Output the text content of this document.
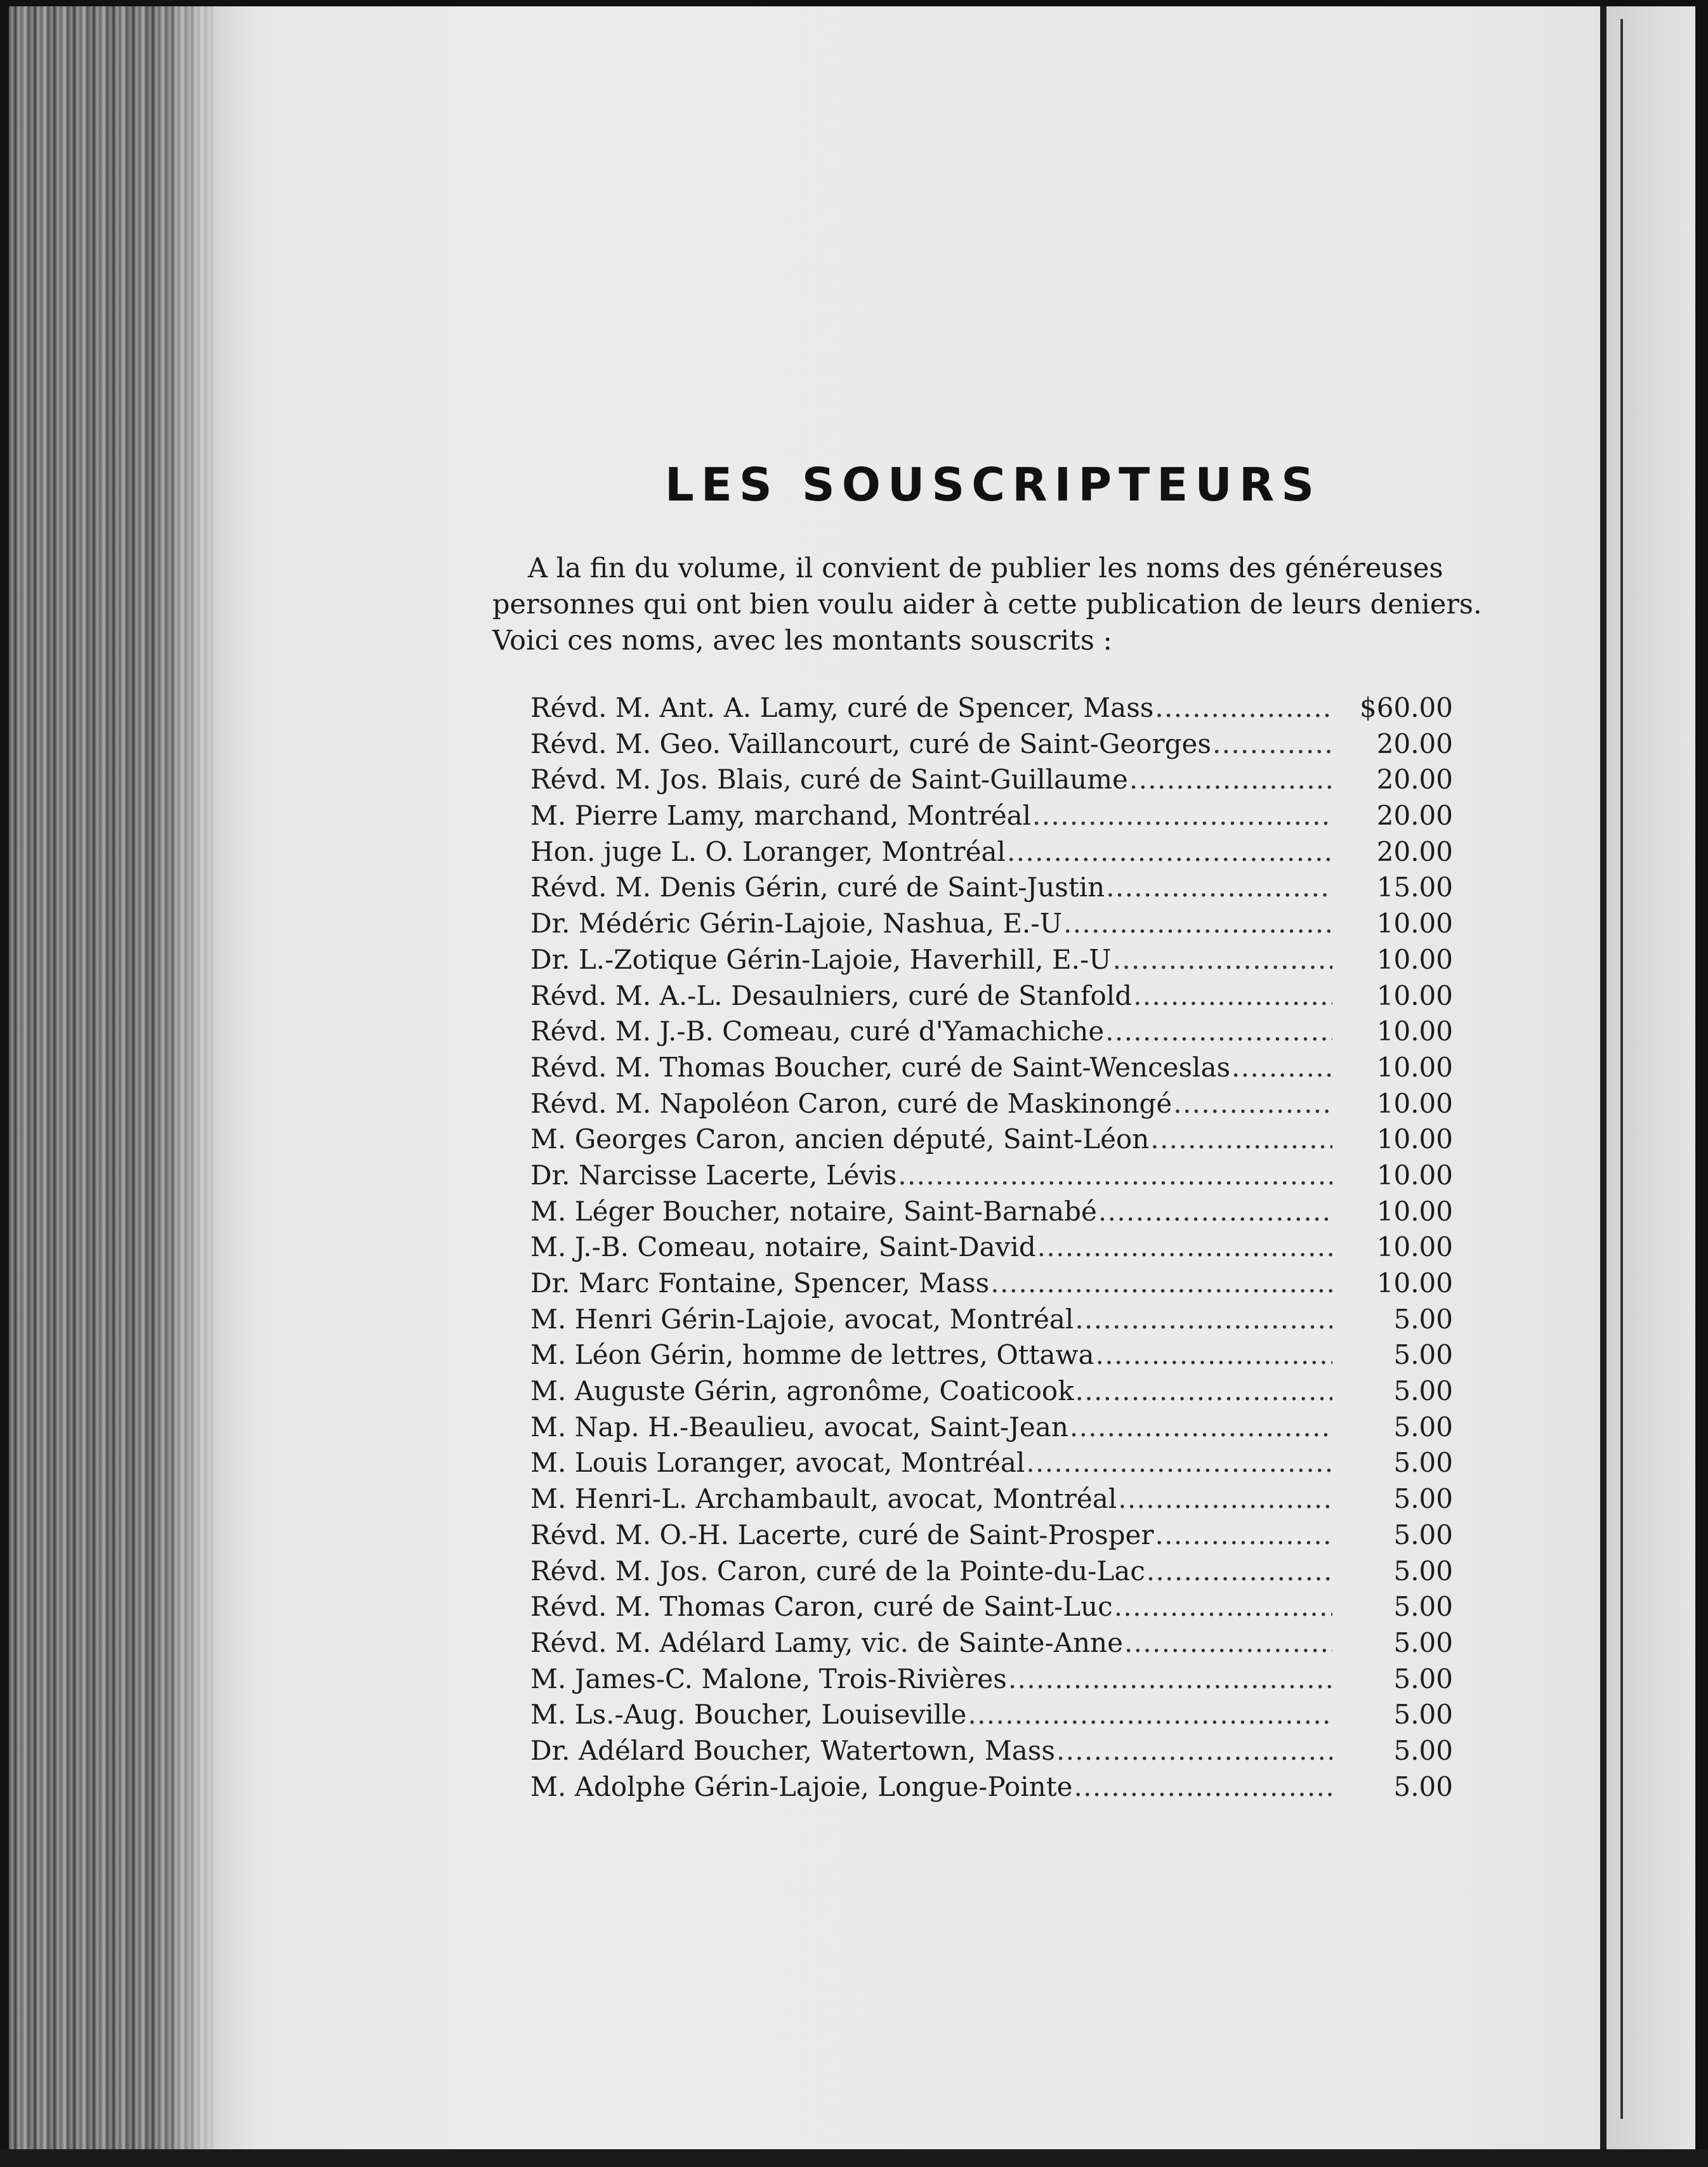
LES SOUSCRIPTEURS

A la fin du volume, il convient de publier les noms des généreuses
personnes qui ont bien voulu aider à cette publication de leurs deniers.
Voici ces noms, avec les montants souscrits :

Révd. M. Ant. A. Lamy, curé de Spencer, Mass . . .	$60.00
Révd. M. Geo. Vaillancourt, curé de Saint-Georges . . .	20.00
Révd. M. Jos. Blais, curé de Saint-Guillaume . . .	20.00
M. Pierre Lamy, marchand, Montréal . . .	20.00
Hon. juge L. O. Loranger, Montréal . . .	20.00
Révd. M. Denis Gérin, curé de Saint-Justin . . .	15.00
Dr. Médéric Gérin-Lajoie, Nashua, E.-U . . .	10.00
Dr. L.-Zotique Gérin-Lajoie, Haverhill, E.-U . . .	10.00
Révd. M. A.-L. Desaulniers, curé de Stanfold . . .	10.00
Révd. M. J.-B. Comeau, curé d'Yamachiche . . .	10.00
Révd. M. Thomas Boucher, curé de Saint-Wenceslas . . .	10.00
Révd. M. Napoléon Caron, curé de Maskinongé . . .	10.00
M. Georges Caron, ancien député, Saint-Léon . . .	10.00
Dr. Narcisse Lacerte, Lévis . . .	10.00
M. Léger Boucher, notaire, Saint-Barnabé . . .	10.00
M. J.-B. Comeau, notaire, Saint-David . . .	10.00
Dr. Marc Fontaine, Spencer, Mass . . .	10.00
M. Henri Gérin-Lajoie, avocat, Montréal . . .	5.00
M. Léon Gérin, homme de lettres, Ottawa . . .	5.00
M. Auguste Gérin, agronôme, Coaticook . . .	5.00
M. Nap. H.-Beaulieu, avocat, Saint-Jean . . .	5.00
M. Louis Loranger, avocat, Montréal . . .	5.00
M. Henri-L. Archambault, avocat, Montréal . . .	5.00
Révd. M. O.-H. Lacerte, curé de Saint-Prosper . . .	5.00
Révd. M. Jos. Caron, curé de la Pointe-du-Lac . . .	5.00
Révd. M. Thomas Caron, curé de Saint-Luc . . .	5.00
Révd. M. Adélard Lamy, vic. de Sainte-Anne . . .	5.00
M. James-C. Malone, Trois-Rivières . . .	5.00
M. Ls.-Aug. Boucher, Louiseville . . .	5.00
Dr. Adélard Boucher, Watertown, Mass . . .	5.00
M. Adolphe Gérin-Lajoie, Longue-Pointe . . .	5.00
